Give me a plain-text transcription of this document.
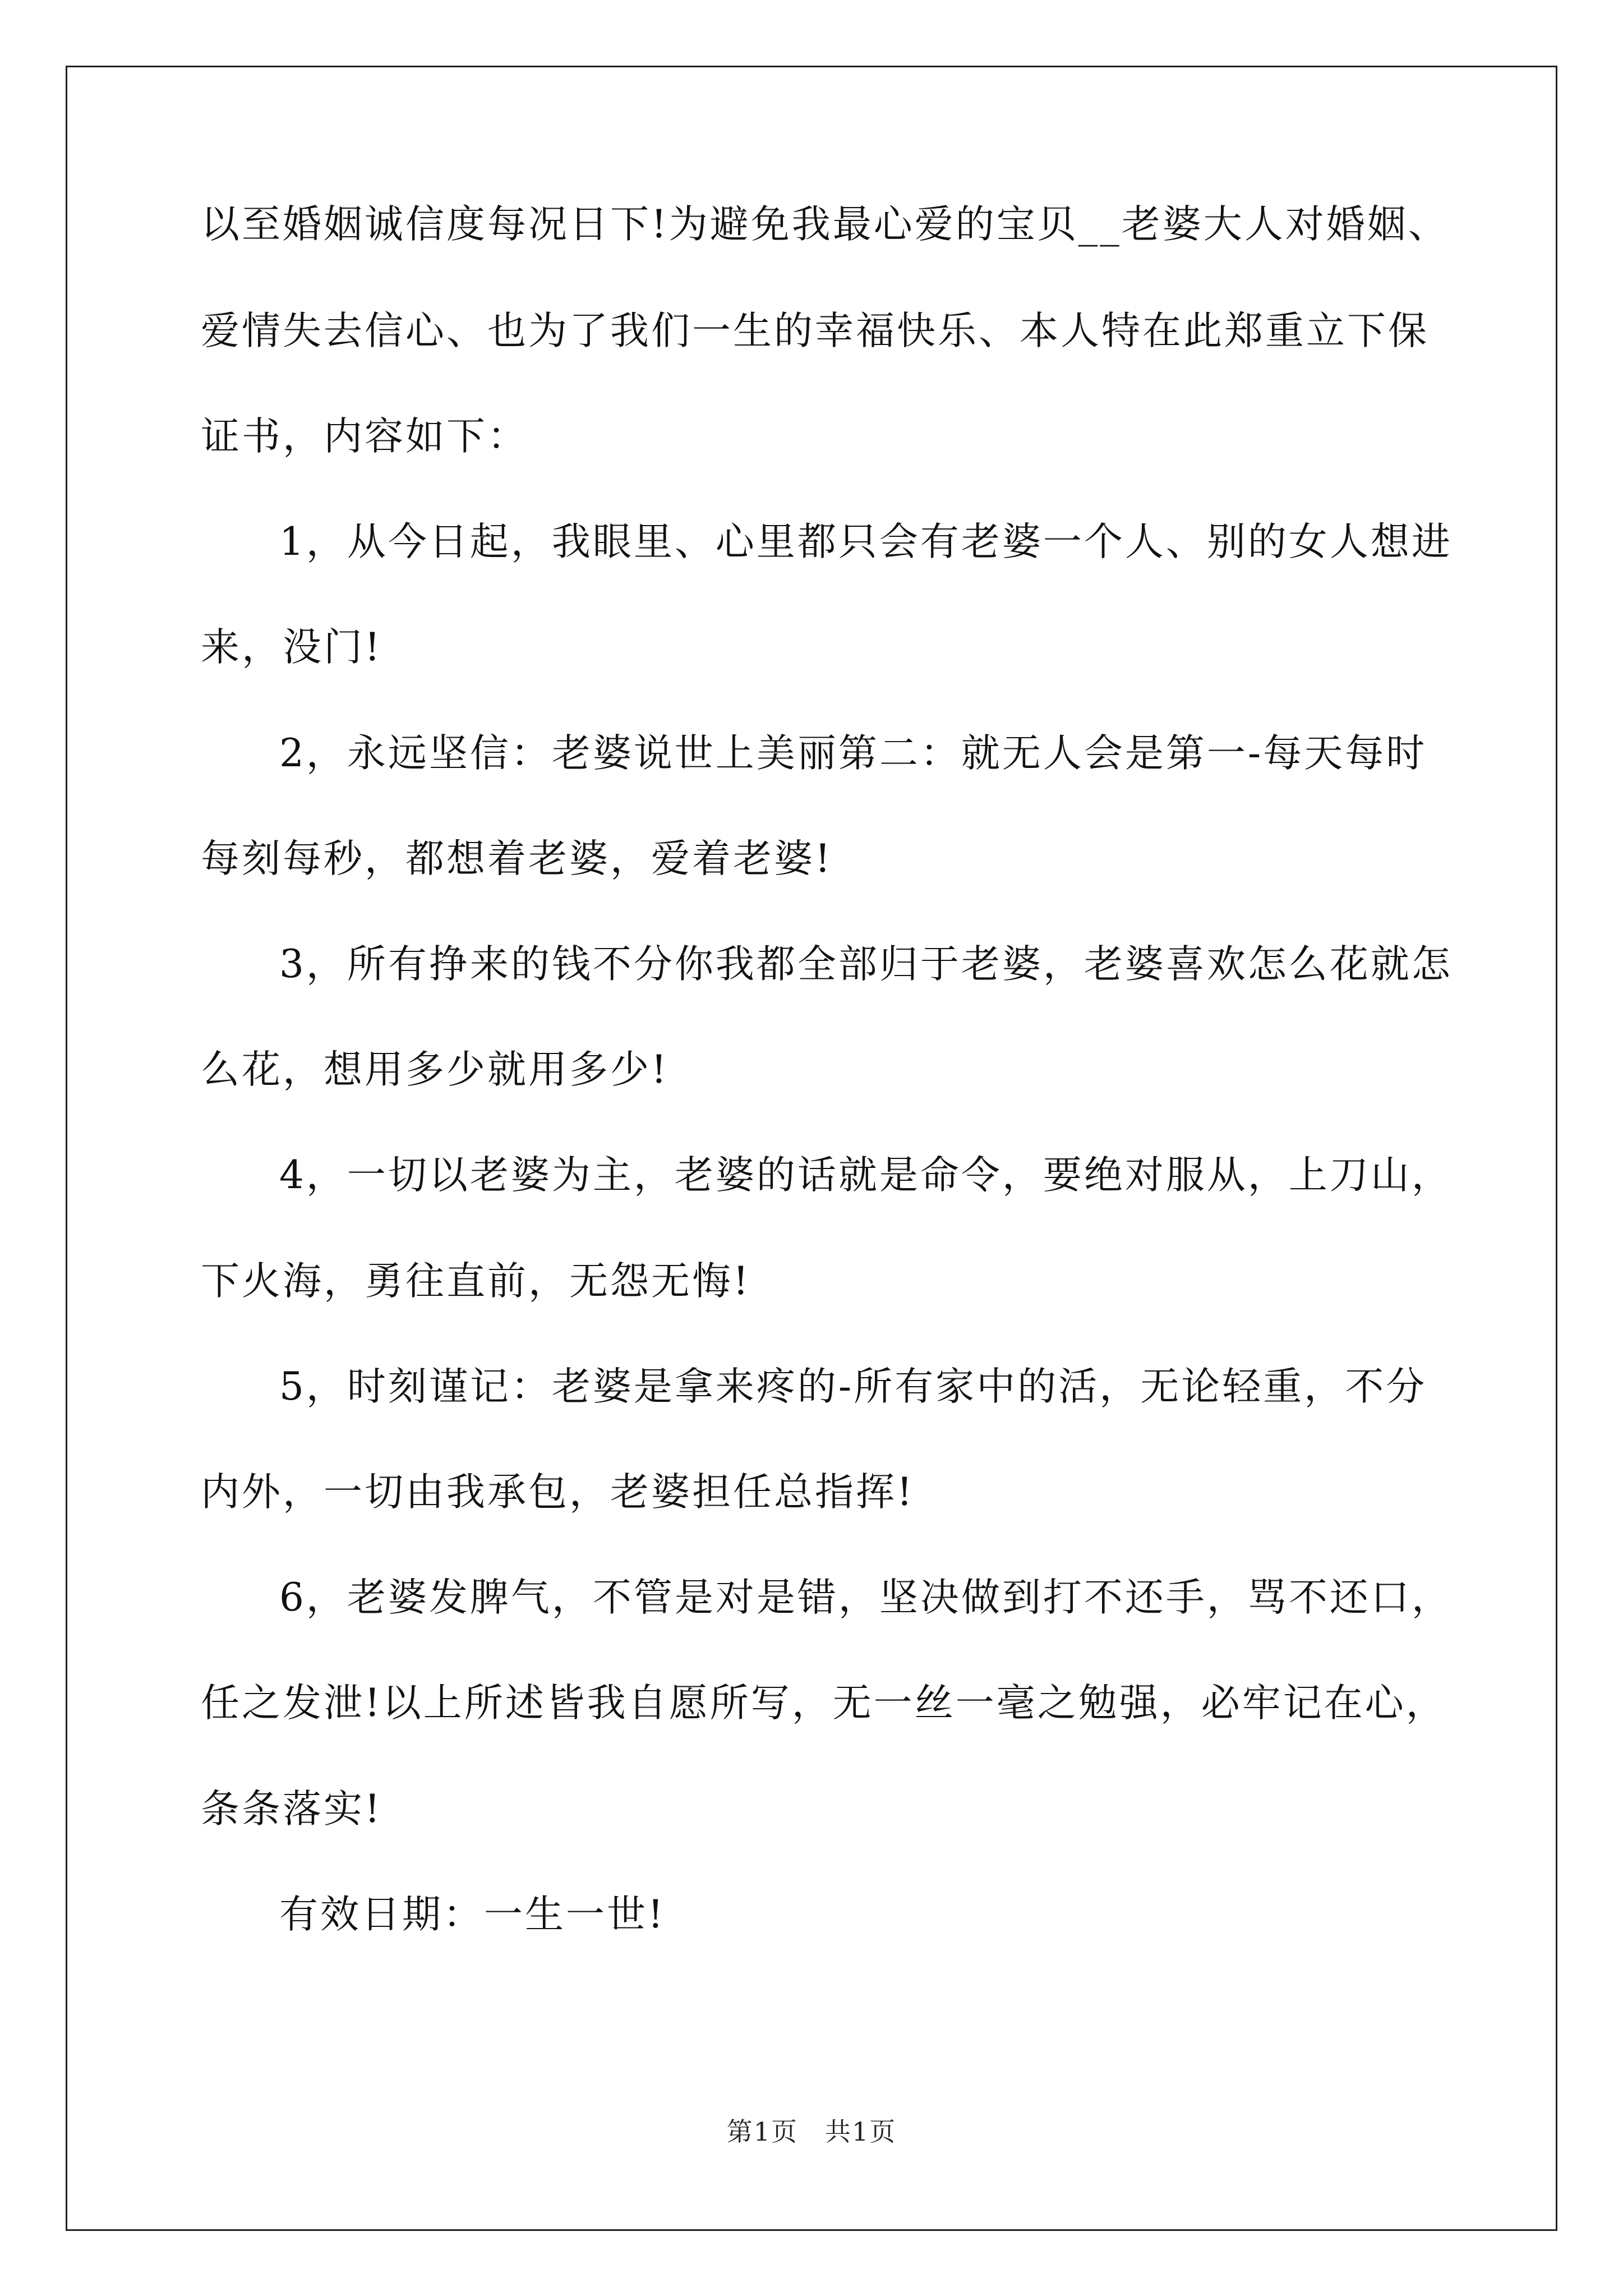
以至婚姻诚信度每况日下!为避免我最心爱的宝贝__老婆大人对婚姻、
爱情失去信心、也为了我们一生的幸福快乐、本人特在此郑重立下保
证书，内容如下：
1，从今日起，我眼里、心里都只会有老婆一个人、别的女人想进
来，没门!
2，永远坚信：老婆说世上美丽第二：就无人会是第一-每天每时
每刻每秒，都想着老婆，爱着老婆!
3，所有挣来的钱不分你我都全部归于老婆，老婆喜欢怎么花就怎
么花，想用多少就用多少!
4，一切以老婆为主，老婆的话就是命令，要绝对服从，上刀山，
下火海，勇往直前，无怨无悔!
5，时刻谨记：老婆是拿来疼的-所有家中的活，无论轻重，不分
内外，一切由我承包，老婆担任总指挥!
6，老婆发脾气，不管是对是错，坚决做到打不还手，骂不还口，
任之发泄!以上所述皆我自愿所写，无一丝一毫之勉强，必牢记在心，
条条落实!
有效日期：一生一世!
第1页　共1页
